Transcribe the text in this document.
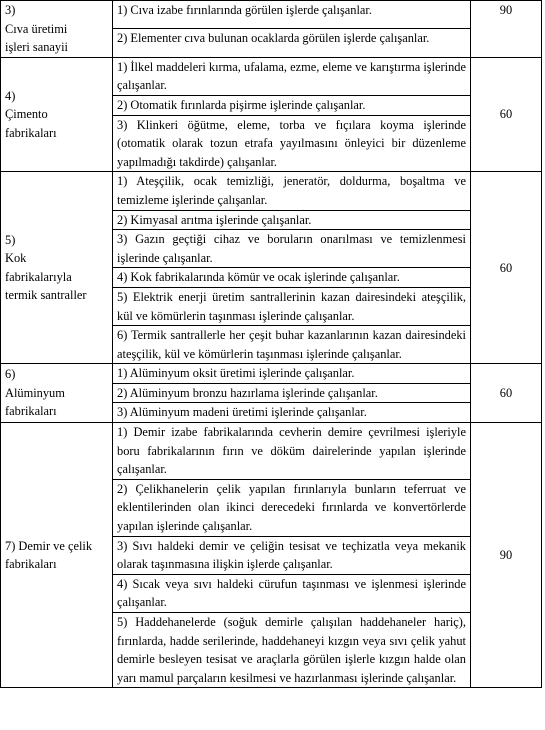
3)
Cıva üretimi
işleri sanayii	1) Cıva izabe fırınlarında görülen işlerde çalışanlar.	90
	2) Elementer cıva bulunan ocaklarda görülen işlerde çalışanlar.	

4)
Çimento
fabrikaları	1) İlkel maddeleri kırma, ufalama, ezme, eleme ve karıştırma işlerinde çalışanlar.	60
	2) Otomatik fırınlarda pişirme işlerinde çalışanlar.	
	3) Klinkeri öğütme, eleme, torba ve fıçılara koyma işlerinde (otomatik olarak tozun etrafa yayılmasını önleyici bir düzenleme yapılmadığı takdirde) çalışanlar.	

5)
Kok
fabrikalarıyla
termik santraller	1) Ateşçilik, ocak temizliği, jeneratör, doldurma, boşaltma ve temizleme işlerinde çalışanlar.	60
	2) Kimyasal arıtma işlerinde çalışanlar.	
	3) Gazın geçtiği cihaz ve boruların onarılması ve temizlenmesi işlerinde çalışanlar.	
	4) Kok fabrikalarında kömür ve ocak işlerinde çalışanlar.	
	5) Elektrik enerji üretim santrallerinin kazan dairesindeki ateşçilik, kül ve kömürlerin taşınması işlerinde çalışanlar.	
	6) Termik santrallerle her çeşit buhar kazanlarının kazan dairesindeki ateşçilik, kül ve kömürlerin taşınması işlerinde çalışanlar.	

6)
Alüminyum
fabrikaları	1) Alüminyum oksit üretimi işlerinde çalışanlar.	60
	2) Alüminyum bronzu hazırlama işlerinde çalışanlar.	
	3) Alüminyum madeni üretimi işlerinde çalışanlar.	

7) Demir ve çelik
fabrikaları	1) Demir izabe fabrikalarında cevherin demire çevrilmesi işleriyle boru fabrikalarının fırın ve döküm dairelerinde yapılan işlerinde çalışanlar.	90
	2) Çelikhanelerin çelik yapılan fırınlarıyla bunların teferruat ve eklentilerinden olan ikinci derecedeki fırınlarda ve konvertörlerde yapılan işlerinde çalışanlar.	
	3) Sıvı haldeki demir ve çeliğin tesisat ve teçhizatla veya mekanik olarak taşınmasına ilişkin işlerde çalışanlar.	
	4) Sıcak veya sıvı haldeki cürufun taşınması ve işlenmesi işlerinde çalışanlar.	
	5) Haddehanelerde (soğuk demirle çalışılan haddehaneler hariç), fırınlarda, hadde serilerinde, haddehaneyi kızgın veya sıvı çelik yahut demirle besleyen tesisat ve araçlarla görülen işlerle kızgın halde olan yarı mamul parçaların kesilmesi ve hazırlanması işlerinde çalışanlar.	
